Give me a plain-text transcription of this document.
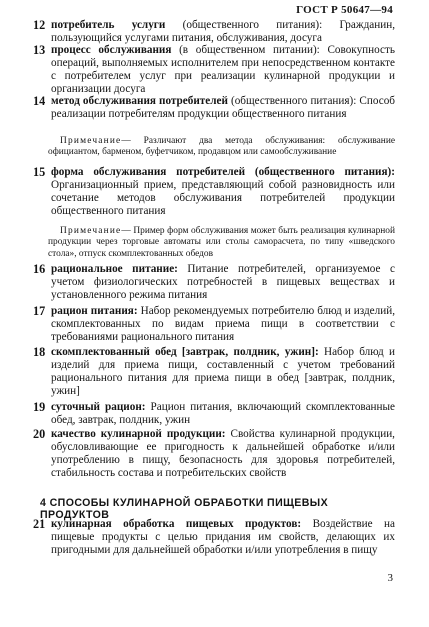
ГОСТ Р 50647—94
12 потребитель услуги (общественного питания): Гражданин, пользующийся услугами питания, обслуживания, досуга
13 процесс обслуживания (в общественном питании): Совокупность операций, выполняемых исполнителем при непосредственном контакте с потребителем услуг при реализации кулинарной продукции и организации досуга
14 метод обслуживания потребителей (общественного питания): Способ реализации потребителям продукции общественного питания
Примечание— Различают два метода обслуживания: обслуживание официантом, барменом, буфетчиком, продавцом или самообслуживание
15 форма обслуживания потребителей (общественного питания): Организационный прием, представляющий собой разновидность или сочетание методов обслуживания потребителей продукции общественного питания
Примечание— Пример форм обслуживания может быть реализация кулинарной продукции через торговые автоматы или столы саморасчета, по типу «шведского стола», отпуск скомплектованных обедов
16 рациональное питание: Питание потребителей, организуемое с учетом физиологических потребностей в пищевых веществах и установленного режима питания
17 рацион питания: Набор рекомендуемых потребителю блюд и изделий, скомплектованных по видам приема пищи в соответствии с требованиями рационального питания
18 скомплектованный обед [завтрак, полдник, ужин]: Набор блюд и изделий для приема пищи, составленный с учетом требований рационального питания для приема пищи в обед [завтрак, полдник, ужин]
19 суточный рацион: Рацион питания, включающий скомплектованные обед, завтрак, полдник, ужин
20 качество кулинарной продукции: Свойства кулинарной продукции, обусловливающие ее пригодность к дальнейшей обработке и/или употреблению в пищу, безопасность для здоровья потребителей, стабильность состава и потребительских свойств
4 СПОСОБЫ КУЛИНАРНОЙ ОБРАБОТКИ ПИЩЕВЫХ ПРОДУКТОВ
21 кулинарная обработка пищевых продуктов: Воздействие на пищевые продукты с целью придания им свойств, делающих их пригодными для дальнейшей обработки и/или употребления в пищу
3
